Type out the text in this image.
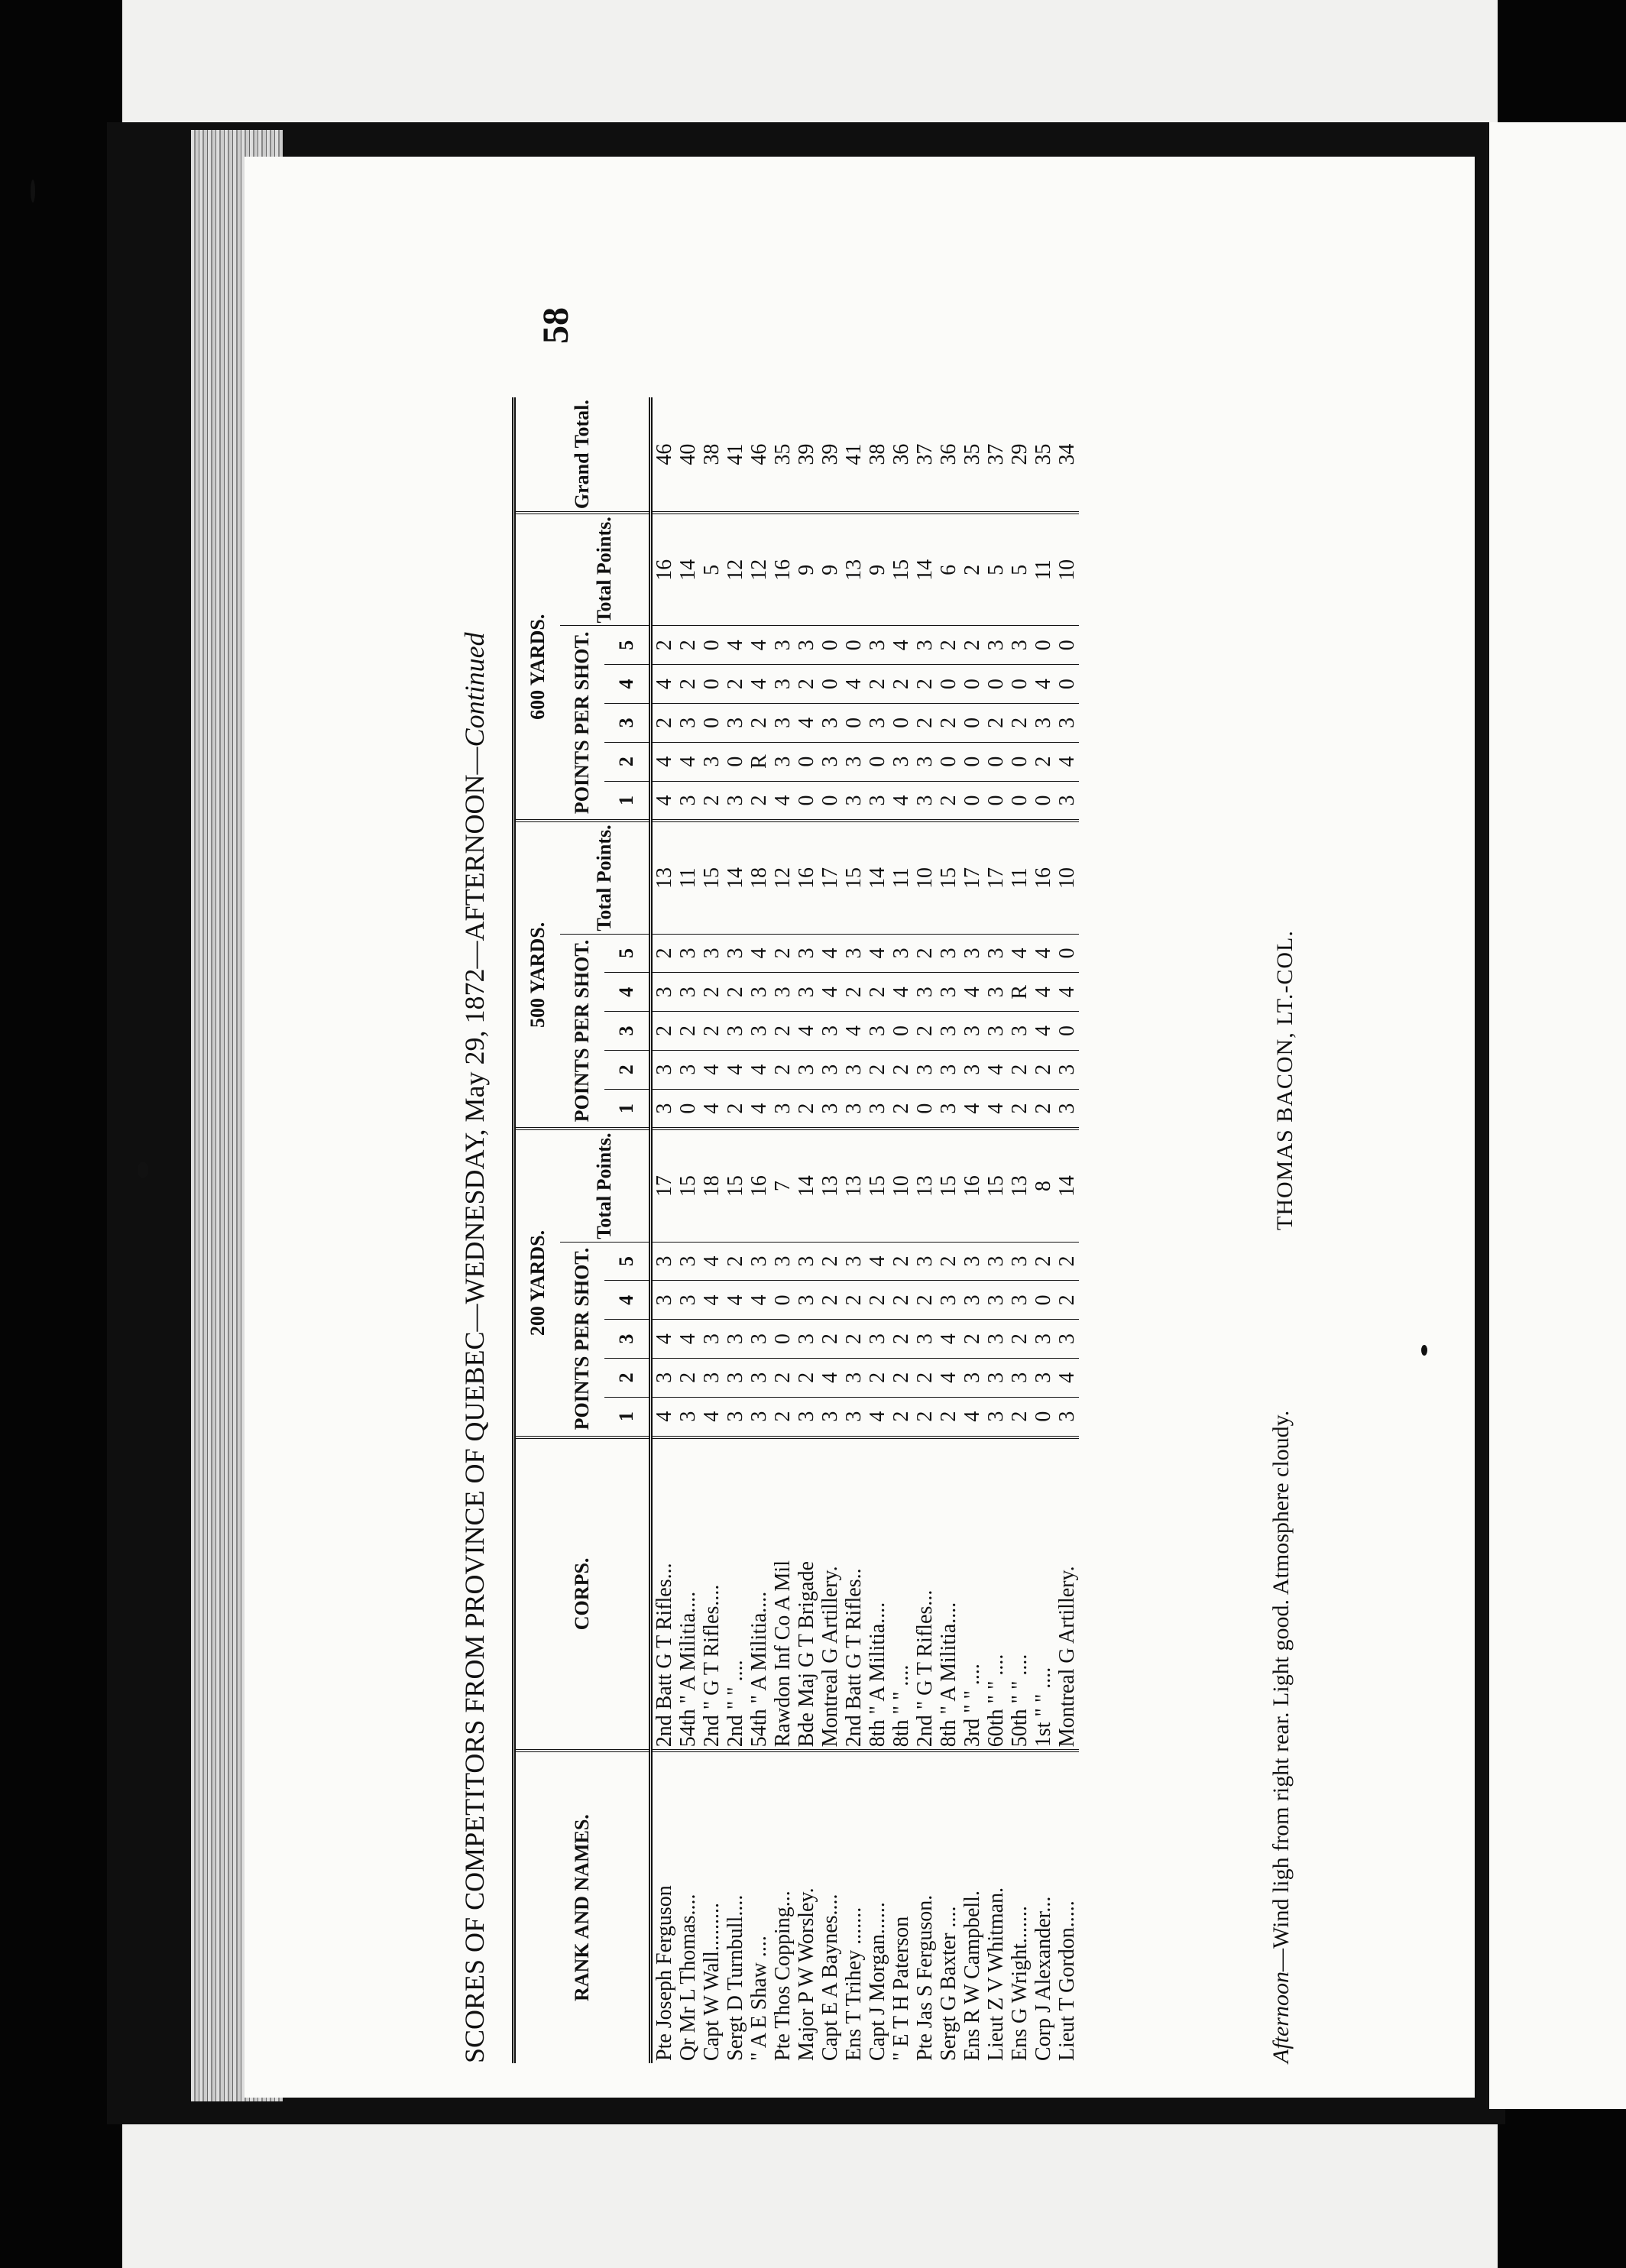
SCORES OF COMPETITORS FROM PROVINCE OF QUEBEC—WEDNESDAY, May 29, 1872—AFTERNOON—Continued
58
RANK AND NAMES.	CORPS.	200 YARDS.						500 YARDS.						600 YARDS.						Grand Total.
		POINTS PER SHOT.					Total Points.	POINTS PER SHOT.					Total Points.	POINTS PER SHOT.					Total Points.	
		1	2	3	4	5		1	2	3	4	5		1	2	3	4	5		
Pte Joseph Ferguson	2nd Batt G T Rifles...	4	3	4	3	3	17	3	3	2	3	2	13	4	4	2	4	2	16	46
Qr Mr L Thomas....	54th " A Militia....	3	2	4	3	3	15	0	3	2	3	3	11	3	4	3	2	2	14	40
Capt W Wall.........	2nd " G T Rifles....	4	3	3	4	4	18	4	4	2	2	3	15	2	3	0	0	0	5	38
Sergt D Turnbull....	2nd " " ....	3	3	3	4	2	15	2	4	3	2	3	14	3	0	3	2	4	12	41
" A E Shaw ....	54th " A Militia....	3	3	3	4	3	16	4	4	3	3	4	18	2	R	2	4	4	12	46
Pte Thos Copping...	Rawdon Inf Co A Mil	2	2	0	0	3	7	3	2	2	3	2	12	4	3	3	3	3	16	35
Major P W Worsley.	Bde Maj G T Brigade	3	2	3	3	3	14	2	3	4	3	3	16	0	0	4	2	3	9	39
Capt E A Baynes....	Montreal G Artillery.	3	4	2	2	2	13	3	3	3	4	4	17	0	3	3	0	0	9	39
Ens T Trihey .......	2nd Batt G T Rifles..	3	3	2	2	3	13	3	3	4	2	3	15	3	3	0	4	0	13	41
Capt J Morgan......	8th " A Militia....	4	2	3	2	4	15	3	2	3	2	4	14	3	0	3	2	3	9	38
" E T H Paterson	8th " " ....	2	2	2	2	2	10	2	2	0	4	3	11	4	3	0	2	4	15	36
Pte Jas S Ferguson.	2nd " G T Rifles...	2	2	3	2	3	13	0	3	2	3	2	10	3	3	2	2	3	14	37
Sergt G Baxter ....	8th " A Militia....	2	4	4	3	2	15	3	3	3	3	3	15	2	0	2	0	2	6	36
Ens R W Campbell.	3rd " " ....	4	3	2	3	3	16	4	3	3	4	3	17	0	0	0	0	2	2	35
Lieut Z V Whitman.	60th " " ....	3	3	3	3	3	15	4	4	3	3	3	17	0	0	2	0	3	5	37
Ens G Wright.......	50th " " ....	2	3	2	3	3	13	2	2	3	R	4	11	0	0	2	0	3	5	29
Corp J Alexander...	1st " " ....	0	3	3	0	2	8	2	2	4	4	4	16	0	2	3	4	0	11	35
Lieut T Gordon.....	Montreal G Artillery.	3	4	3	2	2	14	3	3	0	4	0	10	3	4	3	0	0	10	34
Afternoon—Wind ligh from right rear. Light good. Atmosphere cloudy.
THOMAS BACON, LT.-COL.
